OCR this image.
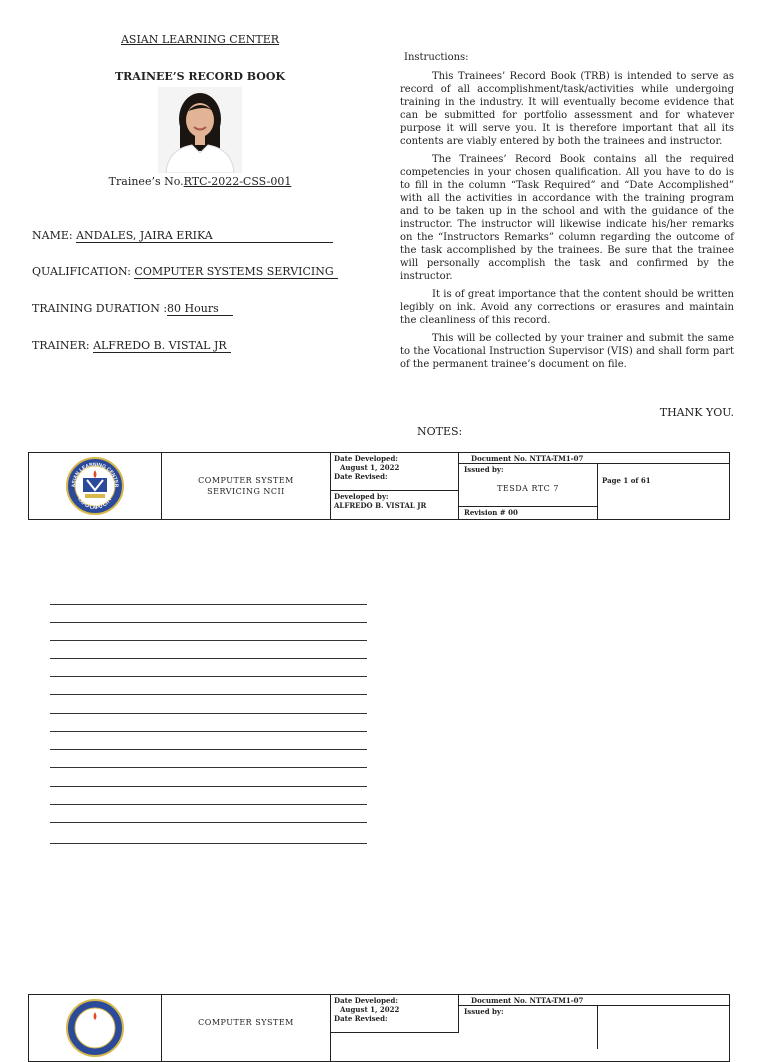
ASIAN LEARNING CENTER
TRAINEE’S RECORD BOOK
Trainee’s No.RTC-2022-CSS-001
NAME: ANDALES, JAIRA ERIKA
QUALIFICATION: COMPUTER SYSTEMS SERVICING
TRAINING DURATION :80 Hours
TRAINER: ALFREDO B. VISTAL JR
Instructions:

This Trainees’ Record Book (TRB) is intended to serve as record of all accomplishment/task/activities while undergoing training in the industry. It will eventually become evidence that can be submitted for portfolio assessment and for whatever purpose it will serve you. It is therefore important that all its contents are viably entered by both the trainees and instructor.

The Trainees’ Record Book contains all the required competencies in your chosen qualification. All you have to do is to fill in the column “Task Required” and “Date Accomplished” with all the activities in accordance with the training program and to be taken up in the school and with the guidance of the instructor. The instructor will likewise indicate his/her remarks on the “Instructors Remarks” column regarding the outcome of the task accomplished by the trainees. Be sure that the trainee will personally accomplish the task and confirmed by the instructor.

It is of great importance that the content should be written legibly on ink. Avoid any corrections or erasures and maintain the cleanliness of this record.

This will be collected by your trainer and submit the same to the Vocational Instruction Supervisor (VIS) and shall form part of the permanent trainee’s document on file.

THANK YOU.
NOTES:
ASIAN LEARNING CENTER
LAPU-LAPU CITY
COMPUTER SYSTEM
SERVICING NCII
Date Developed:
August 1, 2022
Date Revised:
Developed by:
ALFREDO B. VISTAL JR
Document No. NTTA-TM1-07
Issued by:
TESDA RTC 7
Revision # 00
Page 1 of 61
COMPUTER SYSTEM
Date Developed:
August 1, 2022
Date Revised:
Document No. NTTA-TM1-07
Issued by:
